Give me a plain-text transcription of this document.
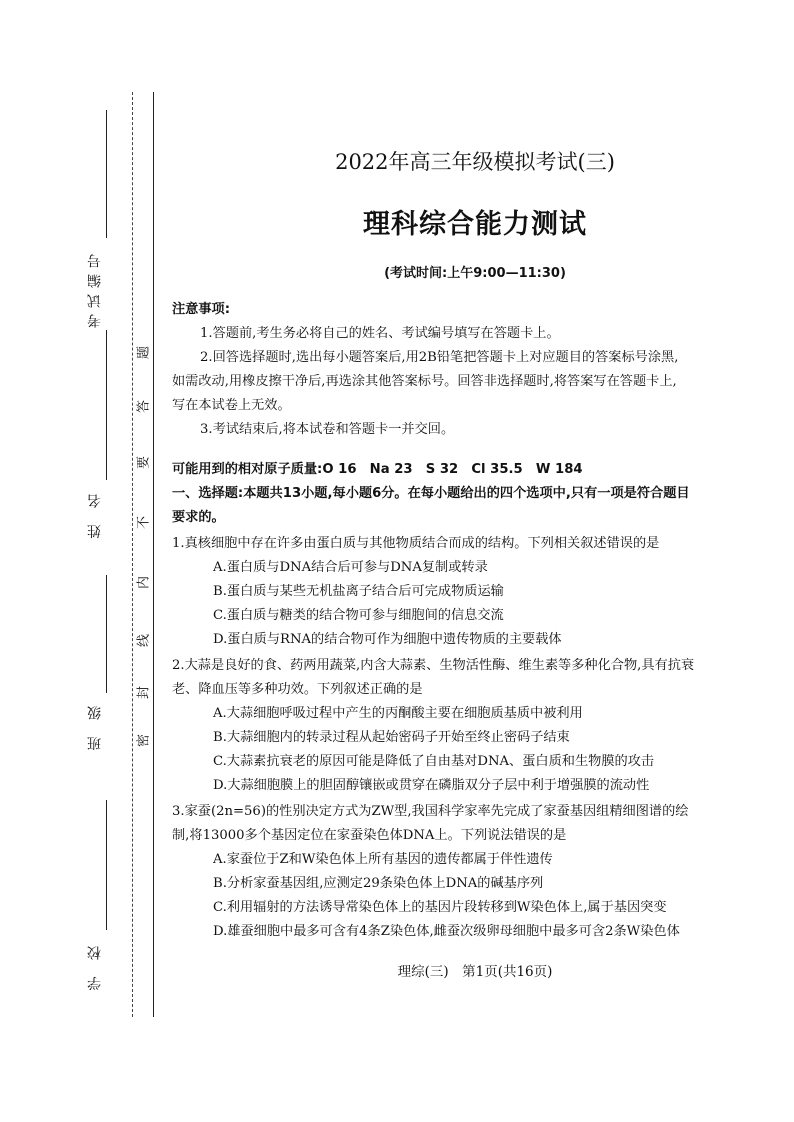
考试编号
姓 名
班 级
学 校
密
封
线
内
不
要
答
题
2022年高三年级模拟考试(三)
理科综合能力测试
(考试时间:上午9:00—11:30)
注意事项:
1.答题前,考生务必将自己的姓名、考试编号填写在答题卡上。
2.回答选择题时,选出每小题答案后,用2B铅笔把答题卡上对应题目的答案标号涂黑,
如需改动,用橡皮擦干净后,再选涂其他答案标号。回答非选择题时,将答案写在答题卡上,
写在本试卷上无效。
3.考试结束后,将本试卷和答题卡一并交回。
可能用到的相对原子质量:O 16　Na 23　S 32　Cl 35.5　W 184
一、选择题:本题共13小题,每小题6分。在每小题给出的四个选项中,只有一项是符合题目
要求的。
1.真核细胞中存在许多由蛋白质与其他物质结合而成的结构。下列相关叙述错误的是
A.蛋白质与DNA结合后可参与DNA复制或转录
B.蛋白质与某些无机盐离子结合后可完成物质运输
C.蛋白质与糖类的结合物可参与细胞间的信息交流
D.蛋白质与RNA的结合物可作为细胞中遗传物质的主要载体
2.大蒜是良好的食、药两用蔬菜,内含大蒜素、生物活性酶、维生素等多种化合物,具有抗衰
老、降血压等多种功效。下列叙述正确的是
A.大蒜细胞呼吸过程中产生的丙酮酸主要在细胞质基质中被利用
B.大蒜细胞内的转录过程从起始密码子开始至终止密码子结束
C.大蒜素抗衰老的原因可能是降低了自由基对DNA、蛋白质和生物膜的攻击
D.大蒜细胞膜上的胆固醇镶嵌或贯穿在磷脂双分子层中利于增强膜的流动性
3.家蚕(2n=56)的性别决定方式为ZW型,我国科学家率先完成了家蚕基因组精细图谱的绘
制,将13000多个基因定位在家蚕染色体DNA上。下列说法错误的是
A.家蚕位于Z和W染色体上所有基因的遗传都属于伴性遗传
B.分析家蚕基因组,应测定29条染色体上DNA的碱基序列
C.利用辐射的方法诱导常染色体上的基因片段转移到W染色体上,属于基因突变
D.雄蚕细胞中最多可含有4条Z染色体,雌蚕次级卵母细胞中最多可含2条W染色体
理综(三)　第1页(共16页)
